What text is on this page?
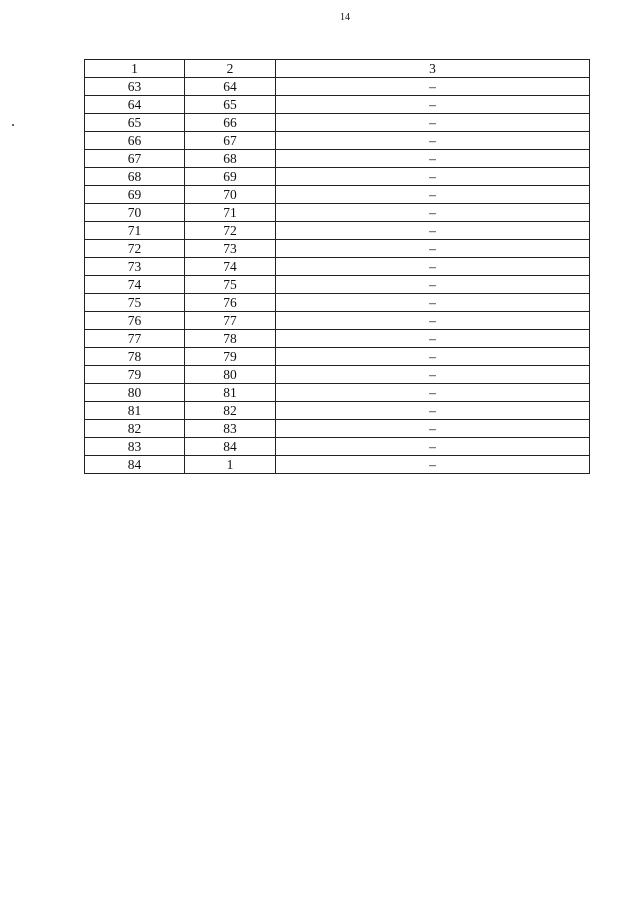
14
1	2	3
63	64	–
64	65	–
65	66	–
66	67	–
67	68	–
68	69	–
69	70	–
70	71	–
71	72	–
72	73	–
73	74	–
74	75	–
75	76	–
76	77	–
77	78	–
78	79	–
79	80	–
80	81	–
81	82	–
82	83	–
83	84	–
84	1	–
